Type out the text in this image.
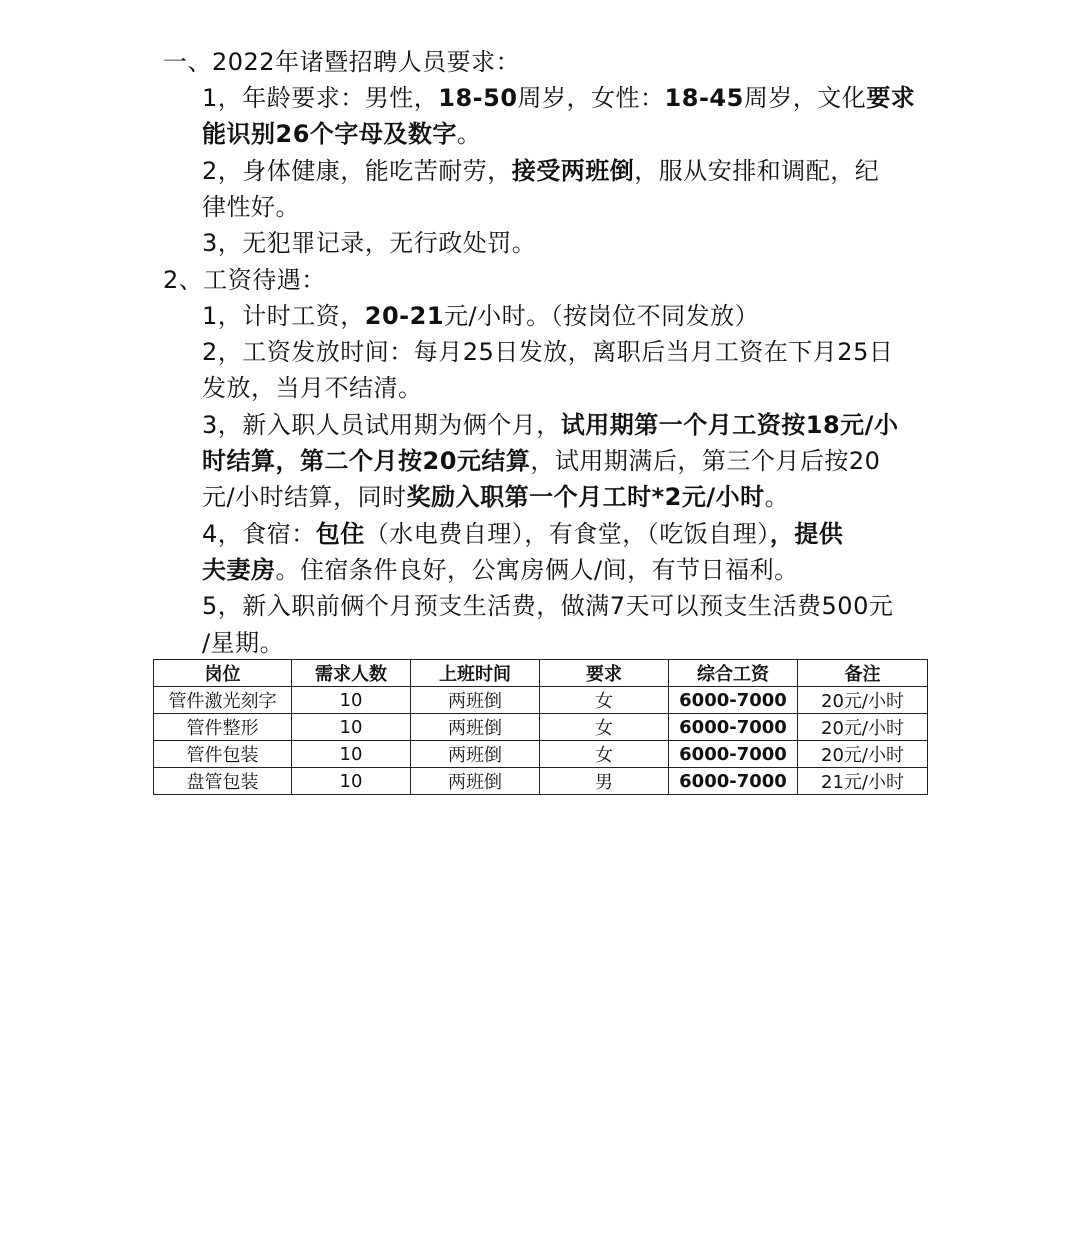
一、2022年诸暨招聘人员要求：
1，年龄要求：男性，18-50周岁，女性：18-45周岁，文化要求
能识别26个字母及数字。
2，身体健康，能吃苦耐劳，接受两班倒，服从安排和调配，纪
律性好。
3，无犯罪记录，无行政处罚。
2、工资待遇：
1，计时工资，20-21元/小时。（按岗位不同发放）
2，工资发放时间：每月25日发放，离职后当月工资在下月25日
发放，当月不结清。
3，新入职人员试用期为俩个月，试用期第一个月工资按18元/小
时结算，第二个月按20元结算，试用期满后，第三个月后按20
元/小时结算，同时奖励入职第一个月工时*2元/小时。
4，食宿：包住（水电费自理），有食堂，（吃饭自理），提供
夫妻房。住宿条件良好，公寓房俩人/间，有节日福利。
5，新入职前俩个月预支生活费，做满7天可以预支生活费500元
/星期。
岗位	需求人数	上班时间	要求	综合工资	备注
管件激光刻字	10	两班倒	女	6000-7000	20元/小时
管件整形	10	两班倒	女	6000-7000	20元/小时
管件包装	10	两班倒	女	6000-7000	20元/小时
盘管包装	10	两班倒	男	6000-7000	21元/小时
